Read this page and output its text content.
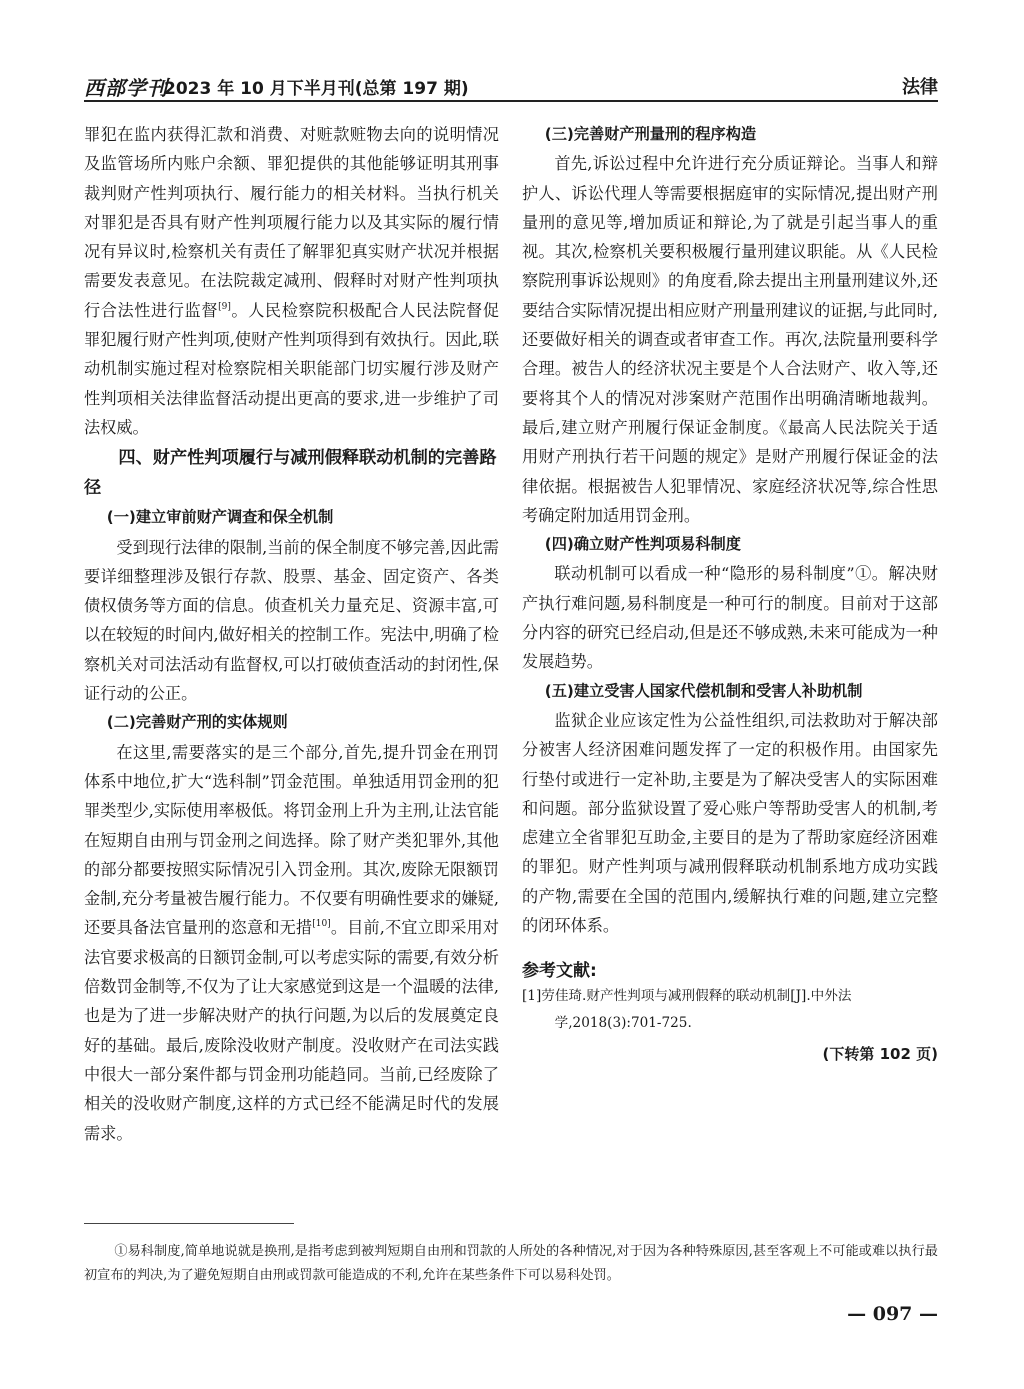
西部学刊
2023 年 10 月下半月刊(总第 197 期)	法律

罪犯在监内获得汇款和消费、对赃款赃物去向的说明情况及监管场所内账户余额、罪犯提供的其他能够证明其刑事裁判财产性判项执行、履行能力的相关材料。当执行机关对罪犯是否具有财产性判项履行能力以及其实际的履行情况有异议时,检察机关有责任了解罪犯真实财产状况并根据需要发表意见。在法院裁定减刑、假释时对财产性判项执行合法性进行监督[9]。人民检察院积极配合人民法院督促罪犯履行财产性判项,使财产性判项得到有效执行。因此,联动机制实施过程对检察院相关职能部门切实履行涉及财产性判项相关法律监督活动提出更高的要求,进一步维护了司法权威。

四、财产性判项履行与减刑假释联动机制的完善路径
(一)建立审前财产调查和保全机制

受到现行法律的限制,当前的保全制度不够完善,因此需要详细整理涉及银行存款、股票、基金、固定资产、各类债权债务等方面的信息。侦查机关力量充足、资源丰富,可以在较短的时间内,做好相关的控制工作。宪法中,明确了检察机关对司法活动有监督权,可以打破侦查活动的封闭性,保证行动的公正。

(二)完善财产刑的实体规则

在这里,需要落实的是三个部分,首先,提升罚金在刑罚体系中地位,扩大“选科制”罚金范围。单独适用罚金刑的犯罪类型少,实际使用率极低。将罚金刑上升为主刑,让法官能在短期自由刑与罚金刑之间选择。除了财产类犯罪外,其他的部分都要按照实际情况引入罚金刑。其次,废除无限额罚金制,充分考量被告履行能力。不仅要有明确性要求的嫌疑,还要具备法官量刑的恣意和无措[10]。目前,不宜立即采用对法官要求极高的日额罚金制,可以考虑实际的需要,有效分析倍数罚金制等,不仅为了让大家感觉到这是一个温暖的法律,也是为了进一步解决财产的执行问题,为以后的发展奠定良好的基础。最后,废除没收财产制度。没收财产在司法实践中很大一部分案件都与罚金刑功能趋同。当前,已经废除了相关的没收财产制度,这样的方式已经不能满足时代的发展需求。

(三)完善财产刑量刑的程序构造

首先,诉讼过程中允许进行充分质证辩论。当事人和辩护人、诉讼代理人等需要根据庭审的实际情况,提出财产刑量刑的意见等,增加质证和辩论,为了就是引起当事人的重视。其次,检察机关要积极履行量刑建议职能。从《人民检察院刑事诉讼规则》的角度看,除去提出主刑量刑建议外,还要结合实际情况提出相应财产刑量刑建议的证据,与此同时,还要做好相关的调查或者审查工作。再次,法院量刑要科学合理。被告人的经济状况主要是个人合法财产、收入等,还要将其个人的情况对涉案财产范围作出明确清晰地裁判。最后,建立财产刑履行保证金制度。《最高人民法院关于适用财产刑执行若干问题的规定》是财产刑履行保证金的法律依据。根据被告人犯罪情况、家庭经济状况等,综合性思考确定附加适用罚金刑。

(四)确立财产性判项易科制度

联动机制可以看成一种“隐形的易科制度”①。解决财产执行难问题,易科制度是一种可行的制度。目前对于这部分内容的研究已经启动,但是还不够成熟,未来可能成为一种发展趋势。

(五)建立受害人国家代偿机制和受害人补助机制

监狱企业应该定性为公益性组织,司法救助对于解决部分被害人经济困难问题发挥了一定的积极作用。由国家先行垫付或进行一定补助,主要是为了解决受害人的实际困难和问题。部分监狱设置了爱心账户等帮助受害人的机制,考虑建立全省罪犯互助金,主要目的是为了帮助家庭经济困难的罪犯。财产性判项与减刑假释联动机制系地方成功实践的产物,需要在全国的范围内,缓解执行难的问题,建立完整的闭环体系。

参考文献:

[1]劳佳琦.财产性判项与减刑假释的联动机制[J].中外法学,2018(3):701-725.

(下转第 102 页)

①易科制度,简单地说就是换刑,是指考虑到被判短期自由刑和罚款的人所处的各种情况,对于因为各种特殊原因,甚至客观上不可能或难以执行最初宣布的判决,为了避免短期自由刑或罚款可能造成的不利,允许在某些条件下可以易科处罚。

— 097 —
